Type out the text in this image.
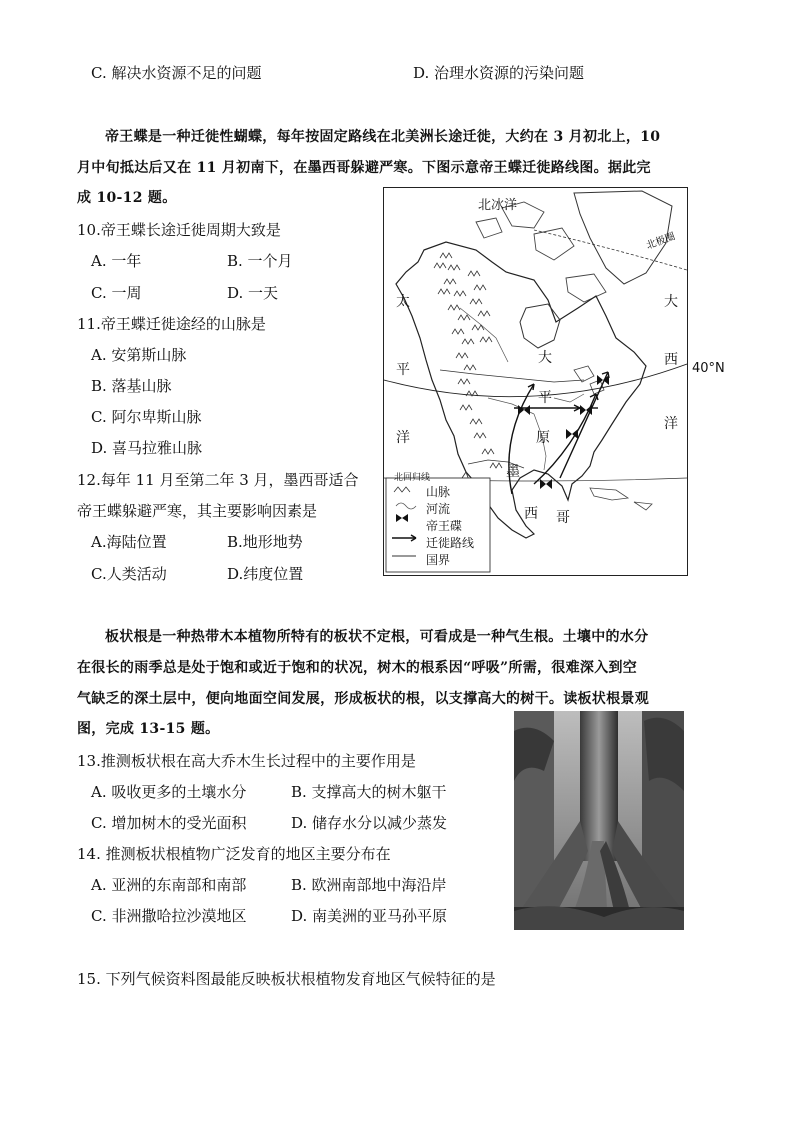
C. 解决水资源不足的问题	D. 治理水资源的污染问题
帝王蝶是一种迁徙性蝴蝶，每年按固定路线在北美洲长途迁徙，大约在 3 月初北上，10
月中旬抵达后又在 11 月初南下，在墨西哥躲避严寒。下图示意帝王蝶迁徙路线图。据此完
成 10-12 题。
10.帝王蝶长途迁徙周期大致是
A. 一年	B. 一个月
C. 一周	D. 一天
11.帝王蝶迁徙途经的山脉是
A. 安第斯山脉
B. 落基山脉
C. 阿尔卑斯山脉
D. 喜马拉雅山脉
12.每年 11 月至第二年 3 月，墨西哥适合
帝王蝶躲避严寒，其主要影响因素是
A.海陆位置	B.地形地势
C.人类活动	D.纬度位置
北冰洋
北极圈
太
平
洋
大
西
洋
大
平
原
北回归线	墨
西 哥
山脉
河流
帝王碟
迁徙路线
国界
40°N
板状根是一种热带木本植物所特有的板状不定根，可看成是一种气生根。土壤中的水分
在很长的雨季总是处于饱和或近于饱和的状况，树木的根系因“呼吸”所需，很难深入到空
气缺乏的深土层中，便向地面空间发展，形成板状的根，以支撑高大的树干。读板状根景观
图，完成 13-15 题。
13.推测板状根在高大乔木生长过程中的主要作用是
A. 吸收更多的土壤水分	B. 支撑高大的树木躯干
C. 增加树木的受光面积	D. 储存水分以减少蒸发
14. 推测板状根植物广泛发育的地区主要分布在
A. 亚洲的东南部和南部	B. 欧洲南部地中海沿岸
C. 非洲撒哈拉沙漠地区	D. 南美洲的亚马孙平原
15. 下列气候资料图最能反映板状根植物发育地区气候特征的是
